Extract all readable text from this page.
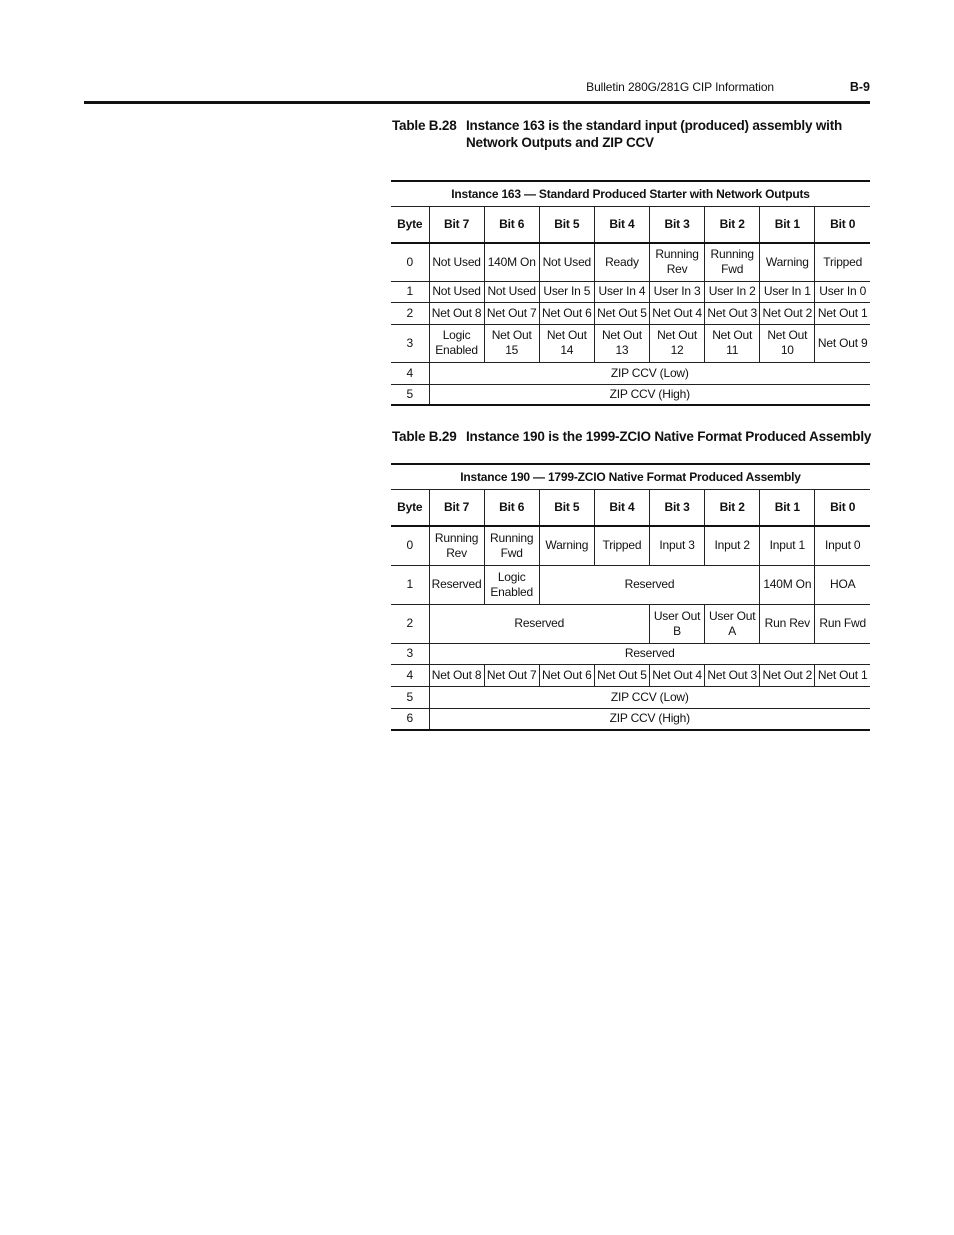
Bulletin 280G/281G CIP Information	B-9
Table B.28 Instance 163 is the standard input (produced) assembly with Network Outputs and ZIP CCV
Instance 163 — Standard Produced Starter with Network Outputs								
Byte	Bit 7	Bit 6	Bit 5	Bit 4	Bit 3	Bit 2	Bit 1	Bit 0
0	Not Used	140M On	Not Used	Ready	Running Rev	Running Fwd	Warning	Tripped
1	Not Used	Not Used	User In 5	User In 4	User In 3	User In 2	User In 1	User In 0
2	Net Out 8	Net Out 7	Net Out 6	Net Out 5	Net Out 4	Net Out 3	Net Out 2	Net Out 1
3	Logic Enabled	Net Out 15	Net Out 14	Net Out 13	Net Out 12	Net Out 11	Net Out 10	Net Out 9
4	ZIP CCV (Low)							
5	ZIP CCV (High)							
Table B.29 Instance 190 is the 1999-ZCIO Native Format Produced Assembly
Instance 190 — 1799-ZCIO Native Format Produced Assembly								
Byte	Bit 7	Bit 6	Bit 5	Bit 4	Bit 3	Bit 2	Bit 1	Bit 0
0	Running Rev	Running Fwd	Warning	Tripped	Input 3	Input 2	Input 1	Input 0
1	Reserved	Logic Enabled	Reserved				140M On	HOA
2	Reserved				User Out B	User Out A	Run Rev	Run Fwd
3	Reserved							
4	Net Out 8	Net Out 7	Net Out 6	Net Out 5	Net Out 4	Net Out 3	Net Out 2	Net Out 1
5	ZIP CCV (Low)							
6	ZIP CCV (High)							
